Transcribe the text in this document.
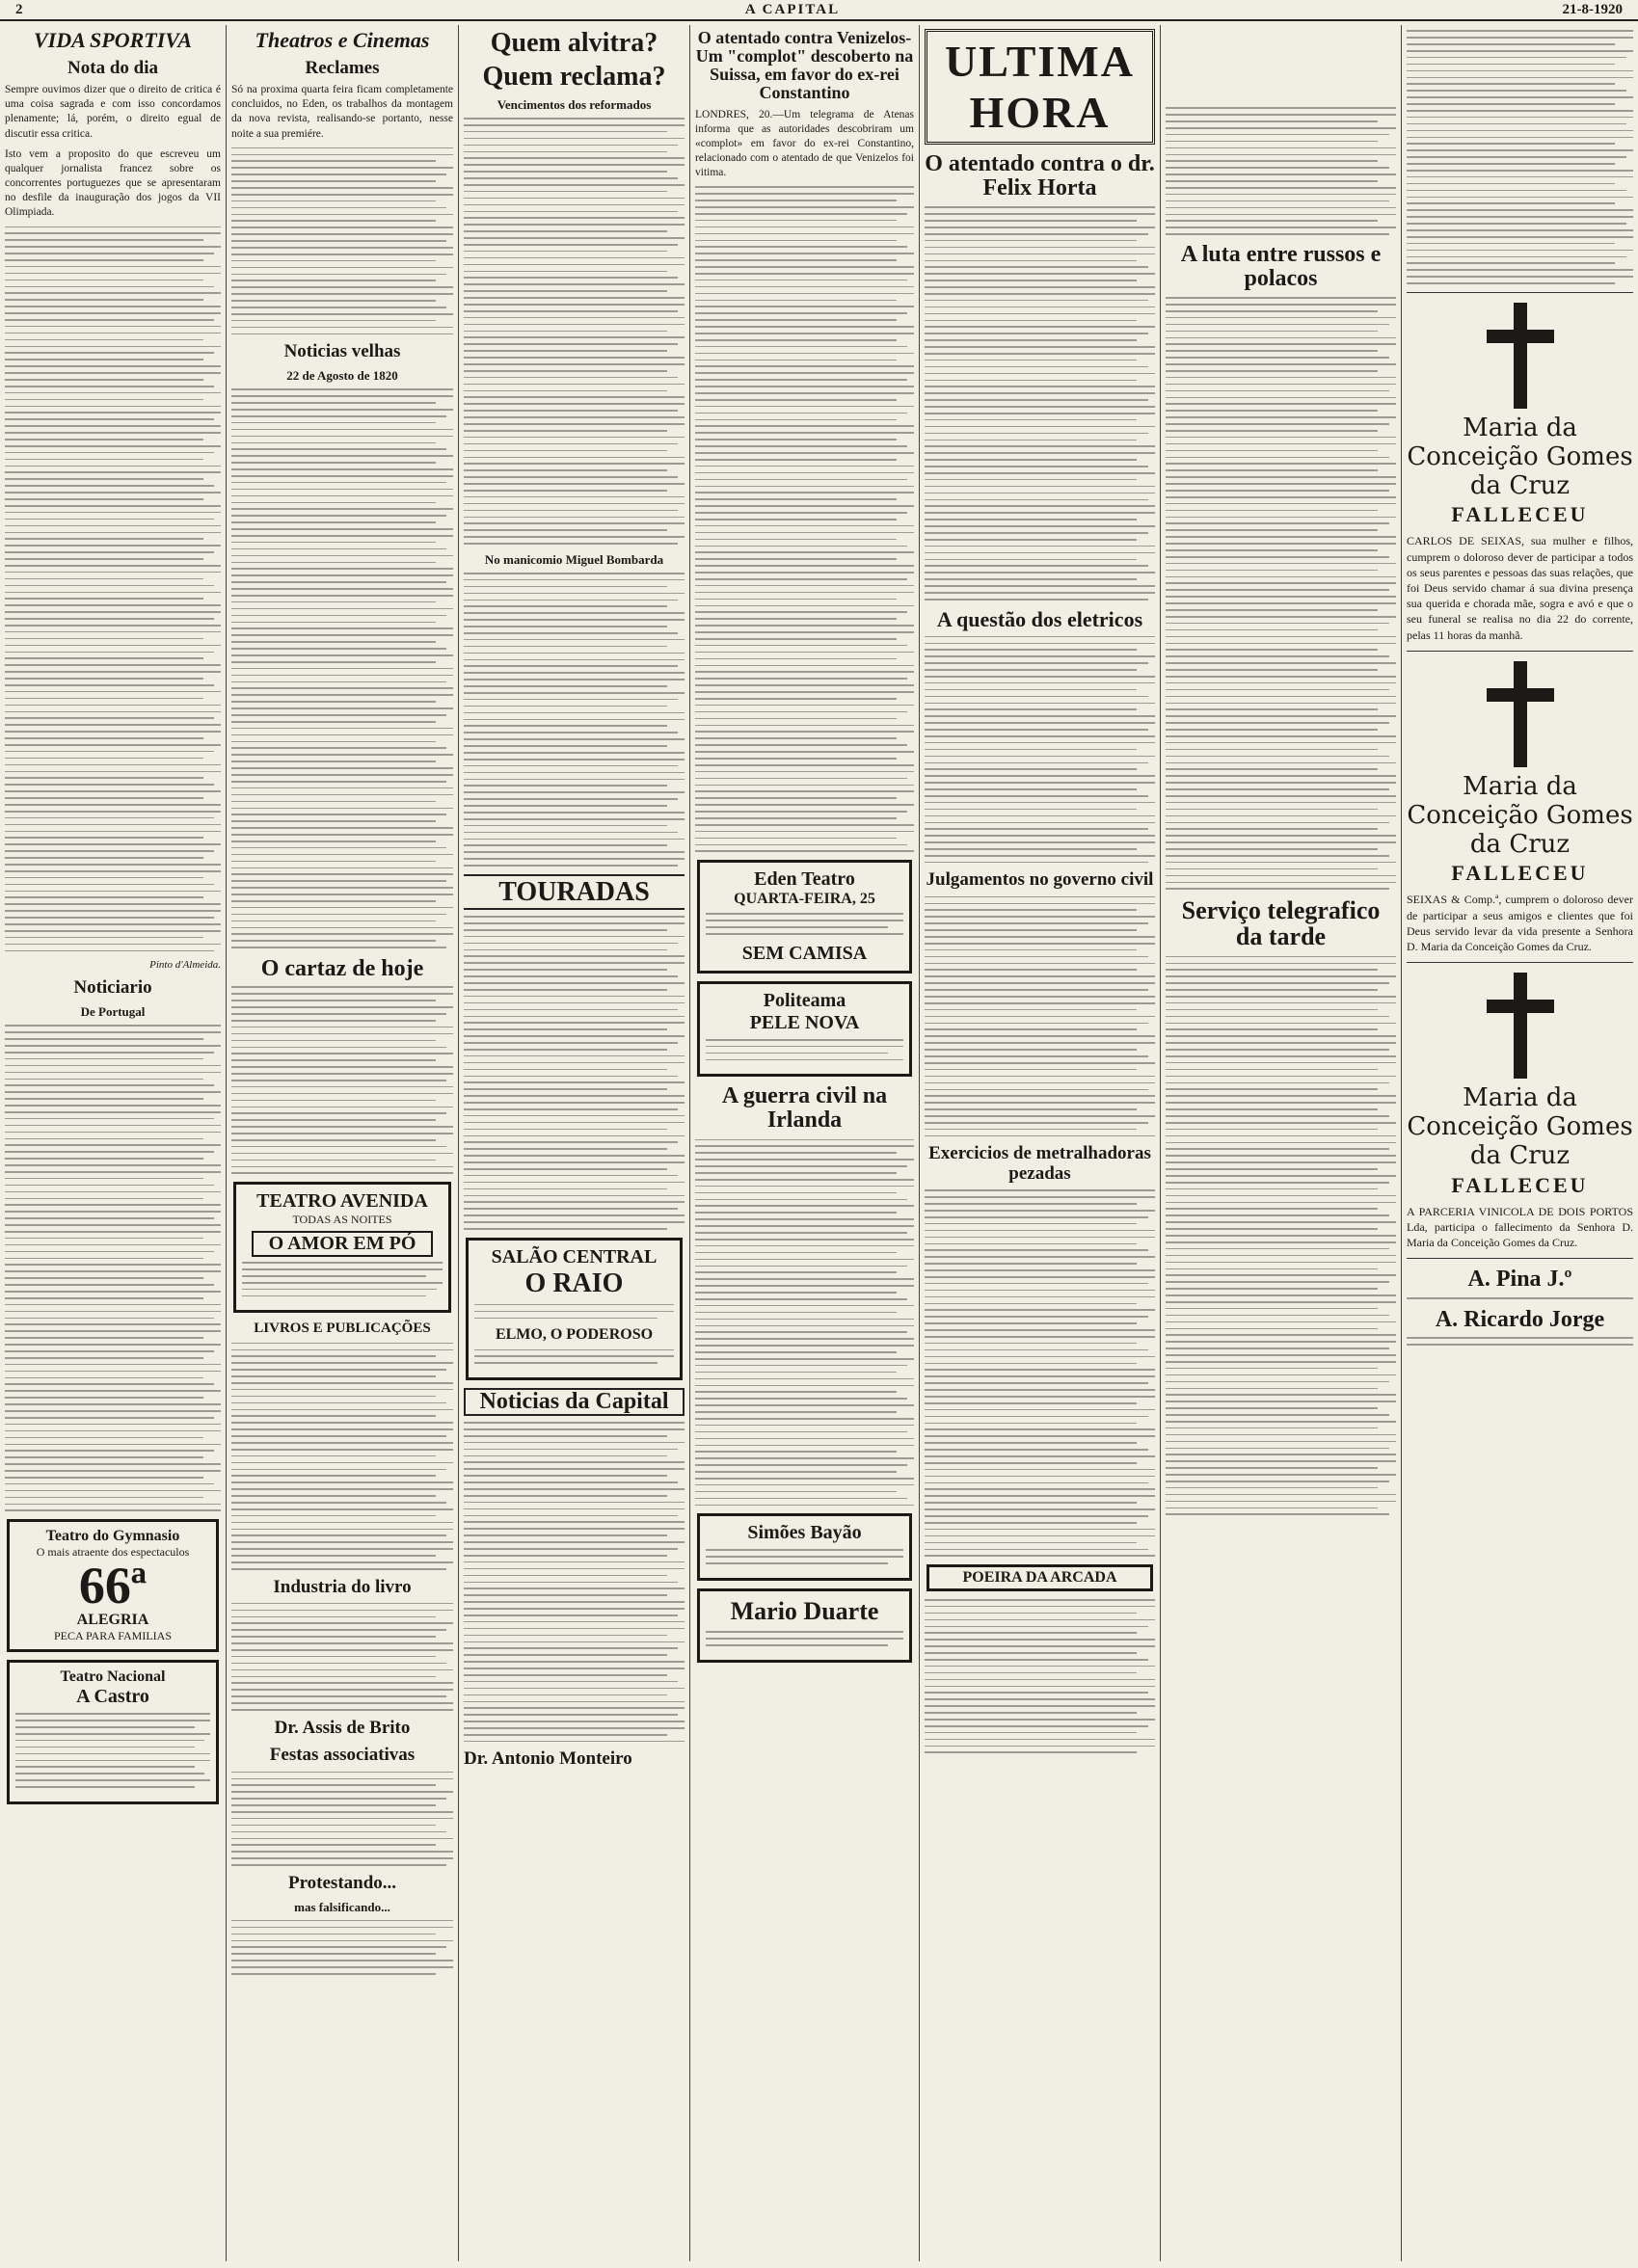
2	A CAPITAL	21-8-1920
VIDA SPORTIVA
Nota do dia

Sempre ouvimos dizer que o direito de critica é uma coisa sagrada e com isso concordamos plenamente; lá, porém, o direito egual de discutir essa critica.

Isto vem a proposito do que escreveu um qualquer jornalista francez sobre os concorrentes portuguezes que se apresentaram no desfile da inauguração dos jogos da VII Olimpiada.

Pinto d'Almeida.
Noticiario
De Portugal
Teatro do Gymnasio
O mais atraente dos espectaculos
66ª
ALEGRIA
PECA PARA FAMILIAS
Teatro Nacional
A Castro
Theatros e Cinemas
Reclames

Só na proxima quarta feira ficam completamente concluidos, no Eden, os trabalhos da montagem da nova revista, realisando-se portanto, nesse noite a sua premiére.

Noticias velhas
22 de Agosto de 1820
O cartaz de hoje
TEATRO AVENIDA
TODAS AS NOITES
O AMOR EM PÓ
LIVROS E PUBLICAÇÕES
Industria do livro
Dr. Assis de Brito
Festas associativas
Protestando...
mas falsificando...
Quem alvitra?
Quem reclama?
Vencimentos dos reformados
No manicomio Miguel Bombarda
TOURADAS
SALÃO CENTRAL
O RAIO
ELMO, O PODEROSO
Noticias da Capital
Dr. Antonio Monteiro
O atentado contra Venizelos-Um "complot" descoberto na Suissa, em favor do ex-rei Constantino

LONDRES, 20.—Um telegrama de Atenas informa que as autoridades descobriram um «complot» em favor do ex-rei Constantino, relacionado com o atentado de que Venizelos foi vitima.

Eden Teatro
QUARTA-FEIRA, 25
SEM CAMISA
Politeama
PELE NOVA
A guerra civil na Irlanda
Simões Bayão
Mario Duarte
ULTIMA HORA
O atentado contra o dr. Felix Horta
A questão dos eletricos
Julgamentos no governo civil
Exercicios de metralhadoras pezadas
POEIRA DA ARCADA
A luta entre russos e polacos
Serviço telegrafico da tarde
Maria da Conceição Gomes da Cruz
FALLECEU

CARLOS DE SEIXAS, sua mulher e filhos, cumprem o doloroso dever de participar a todos os seus parentes e pessoas das suas relações, que foi Deus servido chamar á sua divina presença sua querida e chorada mãe, sogra e avó e que o seu funeral se realisa no dia 22 do corrente, pelas 11 horas da manhã.

Maria da Conceição Gomes da Cruz
FALLECEU

SEIXAS & Comp.ª, cumprem o doloroso dever de participar a seus amigos e clientes que foi Deus servido levar da vida presente a Senhora D. Maria da Conceição Gomes da Cruz.

Maria da Conceição Gomes da Cruz
FALLECEU

A PARCERIA VINICOLA DE DOIS PORTOS Lda, participa o fallecimento da Senhora D. Maria da Conceição Gomes da Cruz.

A. Pina J.º
A. Ricardo Jorge
